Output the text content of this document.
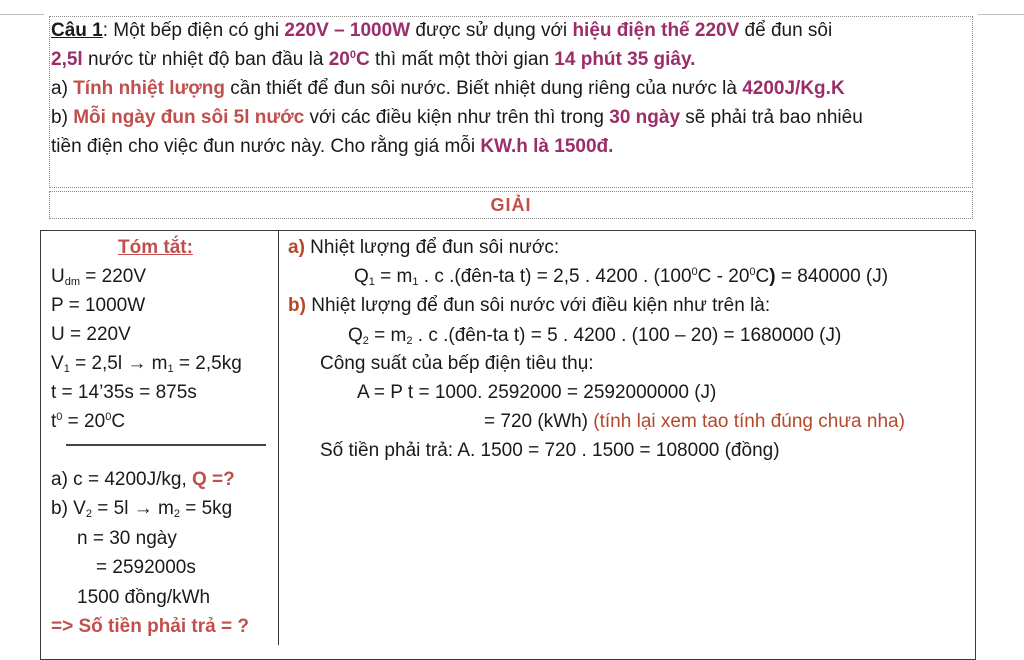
Câu 1: Một bếp điện có ghi 220V – 1000W được sử dụng với hiệu điện thế 220V để đun sôi
2,5l nước từ nhiệt độ ban đầu là $20^0C$ thì mất một thời gian 14 phút 35 giây.
a) Tính nhiệt lượng cần thiết để đun sôi nước. Biết nhiệt dung riêng của nước là 4200J/Kg.K
b) Mỗi ngày đun sôi 5l nước với các điều kiện như trên thì trong 30 ngày sẽ phải trả bao nhiêu
tiền điện cho việc đun nước này. Cho rằng giá mỗi KW.h là 1500đ.
GIẢI
Tóm tắt:
$U_{dm} = 220V$
P = 1000W
U = 220V
$V_1 = 2,5l \to m_1 = 2,5kg$
t = 14’35s = 875s
$t^0 = 20^0C$
a) c = 4200J/kg, Q =?
b) $V_2 = 5l \to m_2 = 5kg$
n = 30 ngày
= 2592000s
1500 đồng/kWh
=> Số tiền phải trả = ?
a) Nhiệt lượng để đun sôi nước:
$Q_1 = m_1$ . c .(đên-ta t) = 2,5 . 4200 . $(100^0C - 20^0C) = 840000$ (J)
b) Nhiệt lượng để đun sôi nước với điều kiện như trên là:
$Q_2 = m_2$ . c .(đên-ta t) = 5 . 4200 . (100 – 20) = 1680000 (J)
Công suất của bếp điện tiêu thụ:
A = P t = 1000. 2592000 = 2592000000 (J)
= 720 (kWh) (tính lại xem tao tính đúng chưa nha)
Số tiền phải trả: A. 1500 = 720 . 1500 = 108000 (đồng)
